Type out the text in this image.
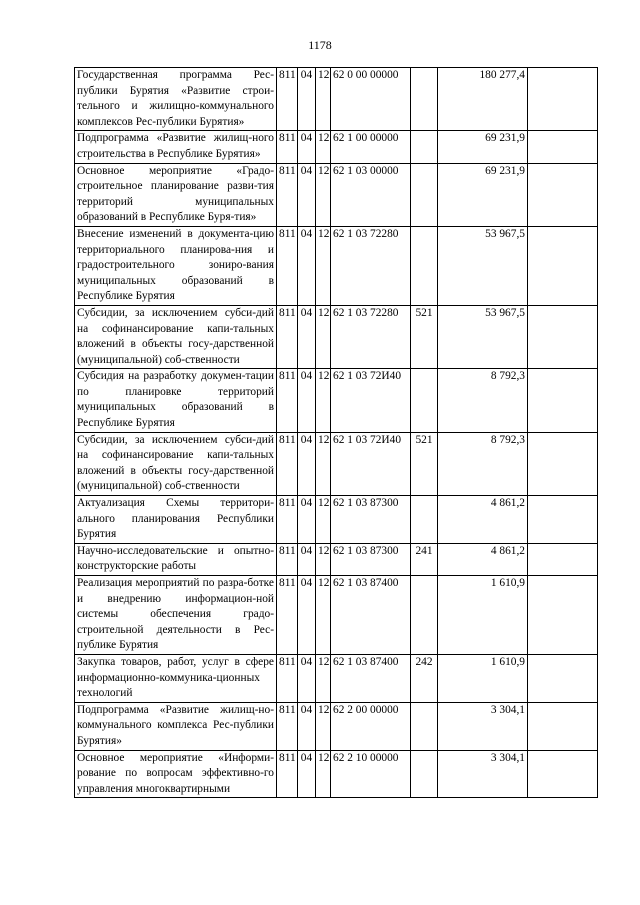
1178
Государственная программа Рес-публики Бурятия «Развитие строи-тельного и жилищно-коммунального комплексов Рес-публики Бурятия»	811	04	12	62 0 00 00000		180 277,4	
Подпрограмма «Развитие жилищ-ного строительства в Республике Бурятия»	811	04	12	62 1 00 00000		69 231,9	
Основное мероприятие «Градо-строительное планирование разви-тия территорий муниципальных образований в Республике Буря-тия»	811	04	12	62 1 03 00000		69 231,9	
Внесение изменений в документа-цию территориального планирова-ния и градостроительного зониро-вания муниципальных образований в Республике Бурятия	811	04	12	62 1 03 72280		53 967,5	
Субсидии, за исключением субси-дий на софинансирование капи-тальных вложений в объекты госу-дарственной (муниципальной) соб-ственности	811	04	12	62 1 03 72280	521	53 967,5	
Субсидия на разработку докумен-тации по планировке территорий муниципальных образований в Республике Бурятия	811	04	12	62 1 03 72И40		8 792,3	
Субсидии, за исключением субси-дий на софинансирование капи-тальных вложений в объекты госу-дарственной (муниципальной) соб-ственности	811	04	12	62 1 03 72И40	521	8 792,3	
Актуализация Схемы территори-ального планирования Республики Бурятия	811	04	12	62 1 03 87300		4 861,2	
Научно-исследовательские и опытно-конструкторские работы	811	04	12	62 1 03 87300	241	4 861,2	
Реализация мероприятий по разра-ботке и внедрению информацион-ной системы обеспечения градо-строительной деятельности в Рес-публике Бурятия	811	04	12	62 1 03 87400		1 610,9	
Закупка товаров, работ, услуг в сфере информационно-коммуника-ционных технологий	811	04	12	62 1 03 87400	242	1 610,9	
Подпрограмма «Развитие жилищ-но-коммунального комплекса Рес-публики Бурятия»	811	04	12	62 2 00 00000		3 304,1	
Основное мероприятие «Информи-рование по вопросам эффективно-го управления многоквартирными	811	04	12	62 2 10 00000		3 304,1	
